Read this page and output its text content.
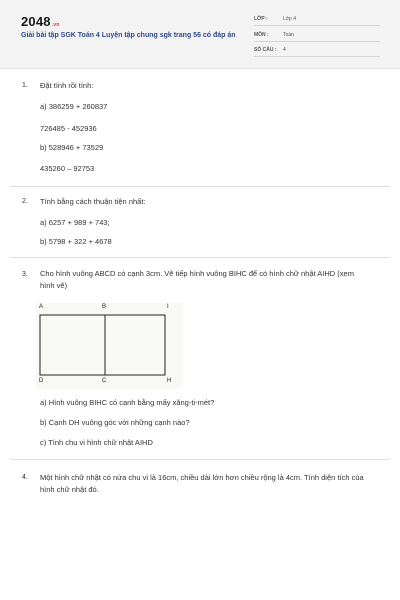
2048.vn
Giải bài tập SGK Toán 4 Luyện tập chung sgk trang 56 có đáp án
LỚP :	Lớp 4
MÔN :	Toán
SỐ CÂU : 4
1. Đặt tính rồi tính:
a) 386259 + 260837
726485 - 452936
b) 528946 + 73529
435260 – 92753
2. Tính bằng cách thuận tiện nhất:
a) 6257 + 989 + 743;
b) 5798 + 322 + 4678
3. Cho hình vuông ABCD có cạnh 3cm. Vẽ tiếp hình vuông BIHC để có hình chữ nhật AIHD (xem hình vẽ)
A	B	I
D	C	H
a) Hình vuông BIHC có cạnh bằng mấy xăng-ti-mét?
b) Cạnh DH vuông góc với những cạnh nào?
c) Tính chu vi hình chữ nhật AIHD
4. Một hình chữ nhật có nửa chu vi là 16cm, chiều dài lớn hơn chiều rộng là 4cm. Tính diện tích của hình chữ nhật đó.
